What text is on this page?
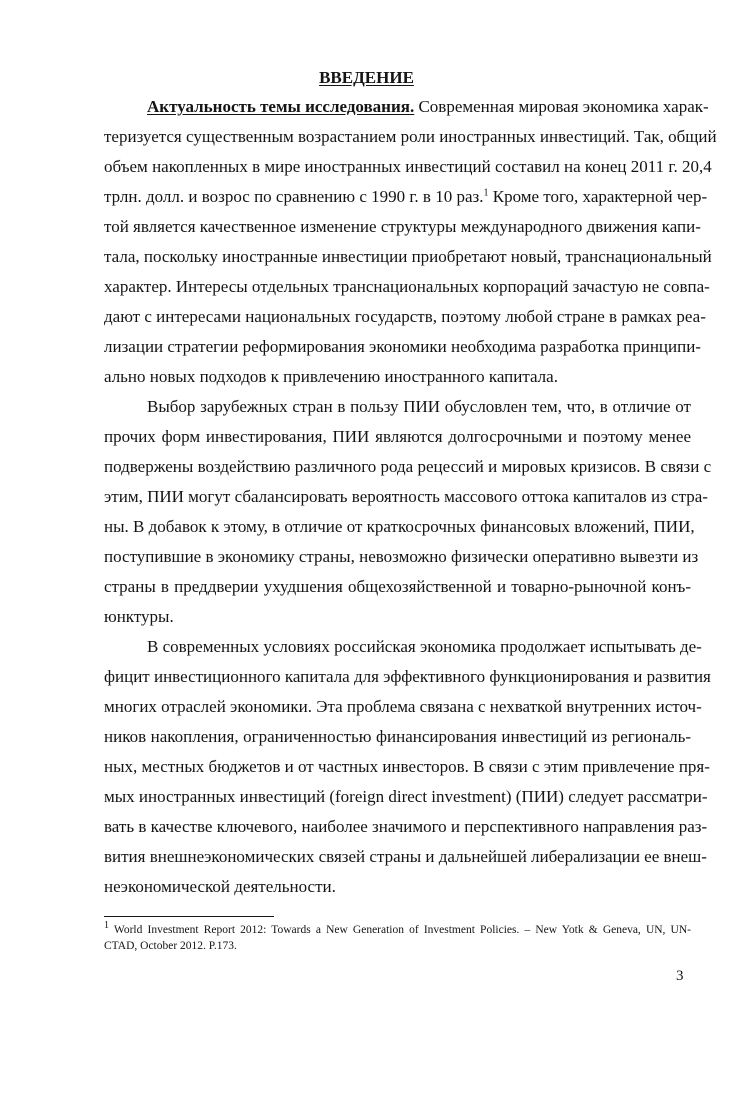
ВВЕДЕНИЕ
Актуальность темы исследования. Современная мировая экономика харак-
теризуется существенным возрастанием роли иностранных инвестиций. Так, общий
объем накопленных в мире иностранных инвестиций составил на конец 2011 г. 20,4
трлн. долл. и возрос по сравнению с 1990 г. в 10 раз.$^1$ Кроме того, характерной чер-
той является качественное изменение структуры международного движения капи-
тала, поскольку иностранные инвестиции приобретают новый, транснациональный
характер. Интересы отдельных транснациональных корпораций зачастую не совпа-
дают с интересами национальных государств, поэтому любой стране в рамках реа-
лизации стратегии реформирования экономики необходима разработка принципи-
ально новых подходов к привлечению иностранного капитала.
Выбор зарубежных стран в пользу ПИИ обусловлен тем, что, в отличие от
прочих форм инвестирования, ПИИ являются долгосрочными и поэтому менее
подвержены воздействию различного рода рецессий и мировых кризисов. В связи с
этим, ПИИ могут сбалансировать вероятность массового оттока капиталов из стра-
ны. В добавок к этому, в отличие от краткосрочных финансовых вложений, ПИИ,
поступившие в экономику страны, невозможно физически оперативно вывезти из
страны в преддверии ухудшения общехозяйственной и товарно-рыночной конъ-
юнктуры.
В современных условиях российская экономика продолжает испытывать де-
фицит инвестиционного капитала для эффективного функционирования и развития
многих отраслей экономики. Эта проблема связана с нехваткой внутренних источ-
ников накопления, ограниченностью финансирования инвестиций из региональ-
ных, местных бюджетов и от частных инвесторов. В связи с этим привлечение пря-
мых иностранных инвестиций (foreign direct investment) (ПИИ) следует рассматри-
вать в качестве ключевого, наиболее значимого и перспективного направления раз-
вития внешнеэкономических связей страны и дальнейшей либерализации ее внеш-
неэкономической деятельности.
1 World Investment Report 2012: Towards a New Generation of Investment Policies. – New Yotk & Geneva, UN, UN-
CTAD, October 2012. P.173.
3
